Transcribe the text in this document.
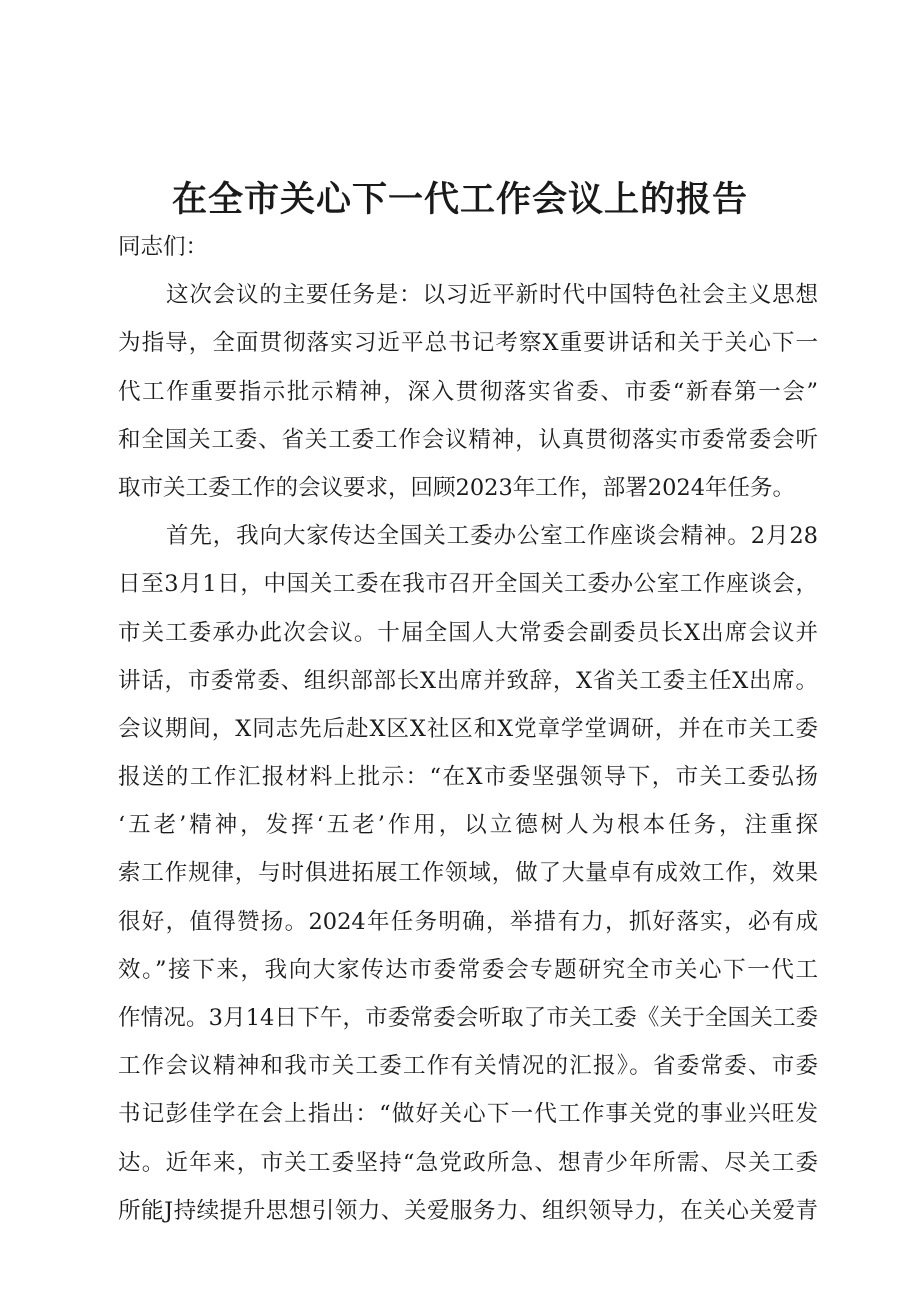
在全市关心下一代工作会议上的报告
同志们：
这次会议的主要任务是：以习近平新时代中国特色社会主义思想
为指导，全面贯彻落实习近平总书记考察X重要讲话和关于关心下一
代工作重要指示批示精神，深入贯彻落实省委、市委“新春第一会”
和全国关工委、省关工委工作会议精神，认真贯彻落实市委常委会听
取市关工委工作的会议要求，回顾2023年工作，部署2024年任务。
首先，我向大家传达全国关工委办公室工作座谈会精神。2月28
日至3月1日，中国关工委在我市召开全国关工委办公室工作座谈会，
市关工委承办此次会议。十届全国人大常委会副委员长X出席会议并
讲话，市委常委、组织部部长X出席并致辞，X省关工委主任X出席。
会议期间，X同志先后赴X区X社区和X党章学堂调研，并在市关工委
报送的工作汇报材料上批示：“在X市委坚强领导下，市关工委弘扬
‘五老’精神，发挥‘五老’作用，以立德树人为根本任务，注重探
索工作规律，与时俱进拓展工作领域，做了大量卓有成效工作，效果
很好，值得赞扬。2024年任务明确，举措有力，抓好落实，必有成
效。”接下来，我向大家传达市委常委会专题研究全市关心下一代工
作情况。3月14日下午，市委常委会听取了市关工委《关于全国关工委
工作会议精神和我市关工委工作有关情况的汇报》。省委常委、市委
书记彭佳学在会上指出：“做好关心下一代工作事关党的事业兴旺发
达。近年来，市关工委坚持“急党政所急、想青少年所需、尽关工委
所能J持续提升思想引领力、关爱服务力、组织领导力，在关心关爱青
